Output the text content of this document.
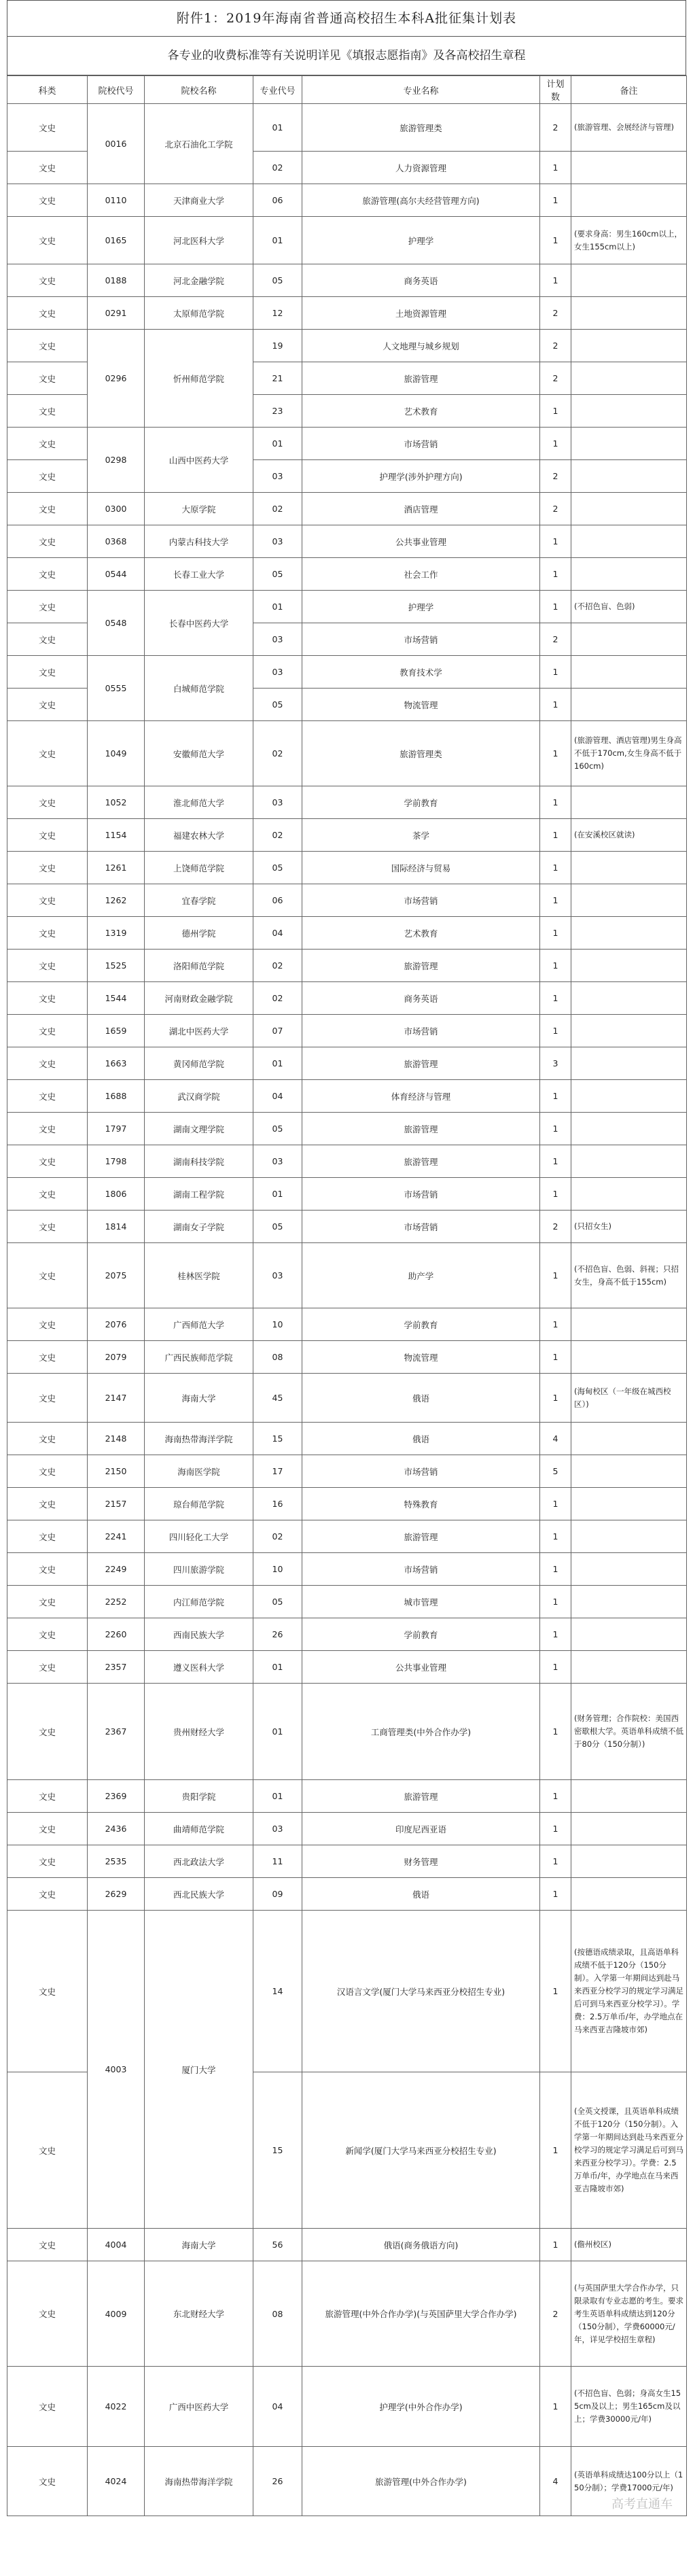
附件1：2019年海南省普通高校招生本科A批征集计划表
各专业的收费标准等有关说明详见《填报志愿指南》及各高校招生章程
科类	院校代号	院校名称	专业代号	专业名称	计划数	备注
文史	0016	北京石油化工学院	01	旅游管理类	2	(旅游管理、会展经济与管理)
文史			02	人力资源管理	1	
文史	0110	天津商业大学	06	旅游管理(高尔夫经营管理方向)	1	
文史	0165	河北医科大学	01	护理学	1	(要求身高：男生160cm以上，女生155cm以上)
文史	0188	河北金融学院	05	商务英语	1	
文史	0291	太原师范学院	12	土地资源管理	2	
文史	0296	忻州师范学院	19	人文地理与城乡规划	2	
文史			21	旅游管理	2	
文史			23	艺术教育	1	
文史	0298	山西中医药大学	01	市场营销	1	
文史			03	护理学(涉外护理方向)	2	
文史	0300	大原学院	02	酒店管理	2	
文史	0368	内蒙古科技大学	03	公共事业管理	1	
文史	0544	长春工业大学	05	社会工作	1	
文史	0548	长春中医药大学	01	护理学	1	(不招色盲、色弱)
文史			03	市场营销	2	
文史	0555	白城师范学院	03	教育技术学	1	
文史			05	物流管理	1	
文史	1049	安徽师范大学	02	旅游管理类	1	(旅游管理、酒店管理)男生身高不低于170cm,女生身高不低于160cm)
文史	1052	淮北师范大学	03	学前教育	1	
文史	1154	福建农林大学	02	茶学	1	(在安溪校区就读)
文史	1261	上饶师范学院	05	国际经济与贸易	1	
文史	1262	宜春学院	06	市场营销	1	
文史	1319	德州学院	04	艺术教育	1	
文史	1525	洛阳师范学院	02	旅游管理	1	
文史	1544	河南财政金融学院	02	商务英语	1	
文史	1659	湖北中医药大学	07	市场营销	1	
文史	1663	黄冈师范学院	01	旅游管理	3	
文史	1688	武汉商学院	04	体育经济与管理	1	
文史	1797	湖南文理学院	05	旅游管理	1	
文史	1798	湖南科技学院	03	旅游管理	1	
文史	1806	湖南工程学院	01	市场营销	1	
文史	1814	湖南女子学院	05	市场营销	2	(只招女生)
文史	2075	桂林医学院	03	助产学	1	(不招色盲、色弱、斜视；只招女生，身高不低于155cm)
文史	2076	广西师范大学	10	学前教育	1	
文史	2079	广西民族师范学院	08	物流管理	1	
文史	2147	海南大学	45	俄语	1	(海甸校区（一年级在城西校区）)
文史	2148	海南热带海洋学院	15	俄语	4	
文史	2150	海南医学院	17	市场营销	5	
文史	2157	琼台师范学院	16	特殊教育	1	
文史	2241	四川轻化工大学	02	旅游管理	1	
文史	2249	四川旅游学院	10	市场营销	1	
文史	2252	内江师范学院	05	城市管理	1	
文史	2260	西南民族大学	26	学前教育	1	
文史	2357	遵义医科大学	01	公共事业管理	1	
文史	2367	贵州财经大学	01	工商管理类(中外合作办学)	1	(财务管理；合作院校：美国西密歇根大学。英语单科成绩不低于80分（150分制）)
文史	2369	贵阳学院	01	旅游管理	1	
文史	2436	曲靖师范学院	03	印度尼西亚语	1	
文史	2535	西北政法大学	11	财务管理	1	
文史	2629	西北民族大学	09	俄语	1	
文史	4003	厦门大学	14	汉语言文学(厦门大学马来西亚分校招生专业)	1	(按德语成绩录取，且高语单科成绩不低于120分（150分制）。入学第一年期间达到赴马来西亚分校学习的规定学习满足后可到马来西亚分校学习）。学费：2.5万单币/年，办学地点在马来西亚吉隆坡市郊)
文史			15	新闻学(厦门大学马来西亚分校招生专业)	1	(全英文授课，且英语单科成绩不低于120分（150分制）。入学第一年期间达到赴马来西亚分校学习的规定学习满足后可到马来西亚分校学习）。学费：2.5万单币/年，办学地点在马来西亚吉隆坡市郊)
文史	4004	海南大学	56	俄语(商务俄语方向)	1	(儋州校区)
文史	4009	东北财经大学	08	旅游管理(中外合作办学)(与英国萨里大学合作办学)	2	(与英国萨里大学合作办学，只限录取有专业志愿的考生。要求考生英语单科成绩达到120分（150分制），学费60000元/年，详见学校招生章程)
文史	4022	广西中医药大学	04	护理学(中外合作办学)	1	(不招色盲、色弱；身高女生155cm及以上；男生165cm及以上；学费30000元/年)
文史	4024	海南热带海洋学院	26	旅游管理(中外合作办学)	4	(英语单科成绩达100分以上（150分制）；学费17000元/年)
高考直通车
